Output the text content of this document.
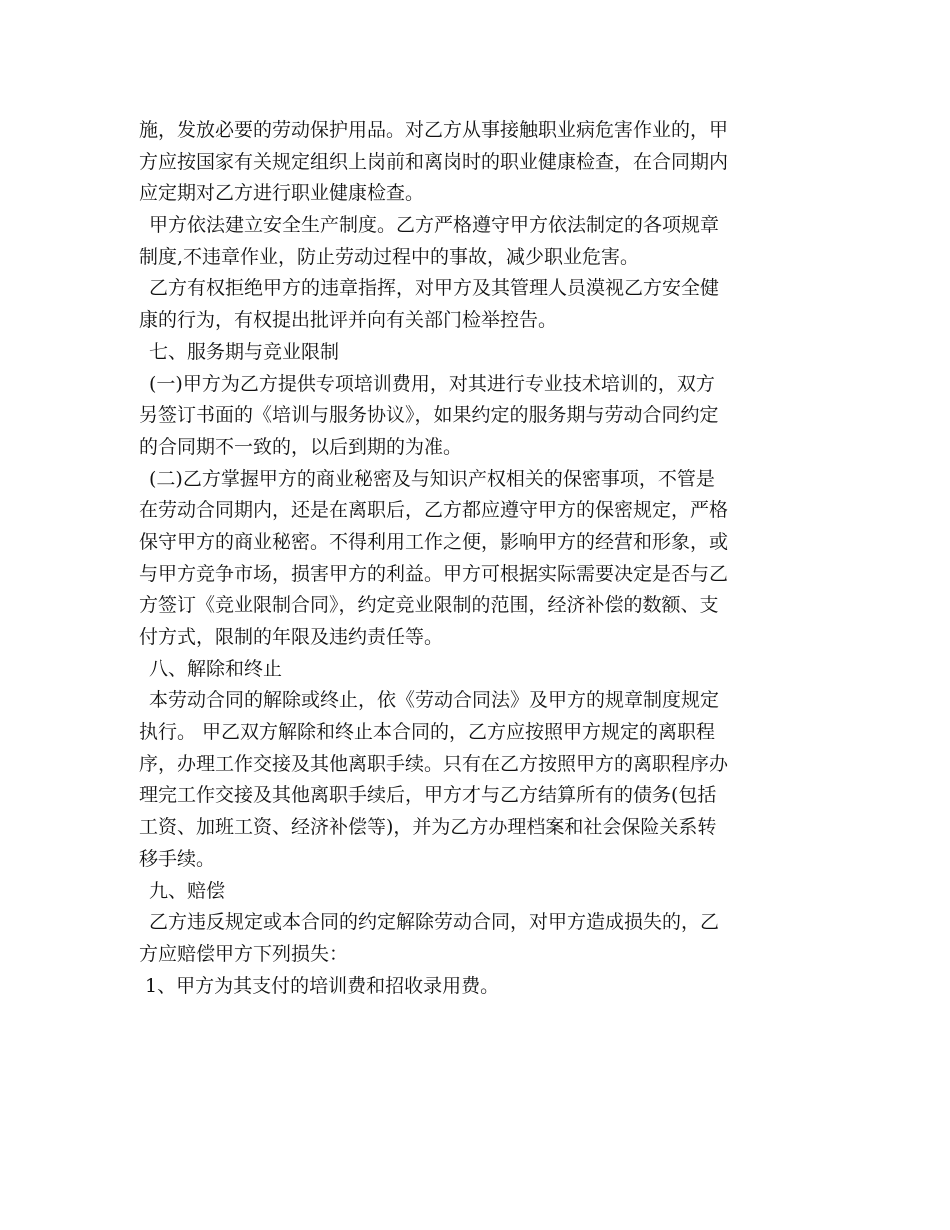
施，发放必要的劳动保护用品。对乙方从事接触职业病危害作业的，甲
方应按国家有关规定组织上岗前和离岗时的职业健康检查，在合同期内
应定期对乙方进行职业健康检查。
甲方依法建立安全生产制度。乙方严格遵守甲方依法制定的各项规章
制度,不违章作业，防止劳动过程中的事故，减少职业危害。
乙方有权拒绝甲方的违章指挥，对甲方及其管理人员漠视乙方安全健
康的行为，有权提出批评并向有关部门检举控告。
七、服务期与竞业限制
(一)甲方为乙方提供专项培训费用，对其进行专业技术培训的，双方
另签订书面的《培训与服务协议》，如果约定的服务期与劳动合同约定
的合同期不一致的，以后到期的为准。
(二)乙方掌握甲方的商业秘密及与知识产权相关的保密事项，不管是
在劳动合同期内，还是在离职后，乙方都应遵守甲方的保密规定，严格
保守甲方的商业秘密。不得利用工作之便，影响甲方的经营和形象，或
与甲方竞争市场，损害甲方的利益。甲方可根据实际需要决定是否与乙
方签订《竞业限制合同》，约定竞业限制的范围，经济补偿的数额、支
付方式，限制的年限及违约责任等。
八、解除和终止
本劳动合同的解除或终止，依《劳动合同法》及甲方的规章制度规定
执行。 甲乙双方解除和终止本合同的，乙方应按照甲方规定的离职程
序，办理工作交接及其他离职手续。只有在乙方按照甲方的离职程序办
理完工作交接及其他离职手续后，甲方才与乙方结算所有的债务(包括
工资、加班工资、经济补偿等)，并为乙方办理档案和社会保险关系转
移手续。
九、赔偿
乙方违反规定或本合同的约定解除劳动合同，对甲方造成损失的，乙
方应赔偿甲方下列损失：
1、甲方为其支付的培训费和招收录用费。
